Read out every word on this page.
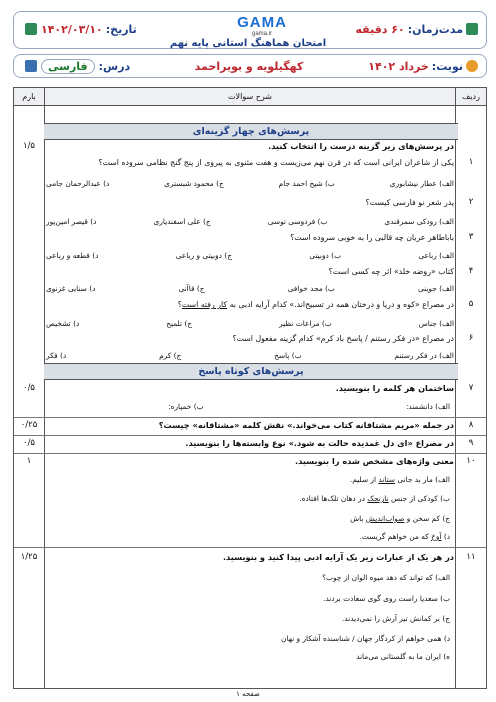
مدت‌زمان:
۶۰ دقیقه
GAMA
gama.ir
تاریخ:
۱۴۰۲/۰۳/۱۰
امتحان هماهنگ استانی پایه نهم
نوبت:
خرداد ۱۴۰۲
کهگیلویه و بویراحمد
درس:
فارسی
ردیف
شرح سوالات
بارم
پرسش‌های چهار گزینه‌ای
در پرسش‌های زیر گزینه درست را انتخاب کنید.
۱/۵
۱
یکی از شاعران ایرانی است که در قرن نهم می‌زیست و هفت مثنوی به پیروی از پنج گنج نظامی سروده است؟
الف) عطار نیشابوری
ب) شیخ احمد جام
ج) محمود شبستری
د) عبدالرحمان جامی
۲
پدر شعر نو فارسی کیست؟
الف) رودکی سمرقندی
ب) فردوسی توسی
ج) علی اسفندیاری
د) قیصر امین‌پور
۳
باباطاهر عریان چه قالبی را به خوبی سروده است؟
الف) رباعی
ب) دوبیتی
ج) دوبیتی و رباعی
د) قطعه و رباعی
۴
کتاب «روضه خلد» اثر چه کسی است؟
الف) جوینی
ب) مجد خوافی
ج) قاآنی
د) سنایی غزنوی
۵
در مصراع «کوه و دریا و درختان همه در تسبیح‌اند.» کدام آرایه ادبی به کار رفته است؟
الف) جناس
ب) مراعات نظیر
ج) تلمیح
د) تشخیص
۶
در مصراع «در فکر رستنم / پاسخ باد کرم» کدام گزینه مفعول است؟
الف) در فکر رستنم
ب) پاسخ
ج) کرم
د) فکر
پرسش‌های کوتاه پاسخ
۷
۰/۵	ساختمان هر کلمه را بنویسید.
الف) دانشمند: ب) خمپاره:
۸
۰/۲۵	در جمله «مریم مشتاقانه کتاب می‌خواند.» نقش کلمه «مشتاقانه» چیست؟
۹
۰/۵	در مصراع «ای دل غمدیده حالت به شود.» نوع وابسته‌ها را بنویسید.
۱۰
۱	معنی واژه‌های مشخص شده را بنویسید.
الف) مار بد جانی ستاند از سلیم.
ب) کودکی از جنس نارنجک در دهان تلک‌ها افتاده.
ج) کم سخن و صواب‌اندیش باش
د) آوخ که من خواهم گریست.
۱۱
۱/۲۵	در هر یک از عبارات زیر یک آرایه ادبی پیدا کنید و بنویسید.
الف) که تواند که دهد میوه الوان از چوب؟
ب) سعدیا راست روی گوی سعادت بردند.
ج) بر کمانش تیر آرش را نمی‌دیدند.
د) همی خواهم از کردگار جهان / شناسنده آشکار و نهان
ه) ایران ما به گلستانی می‌ماند
صفحه ۱
